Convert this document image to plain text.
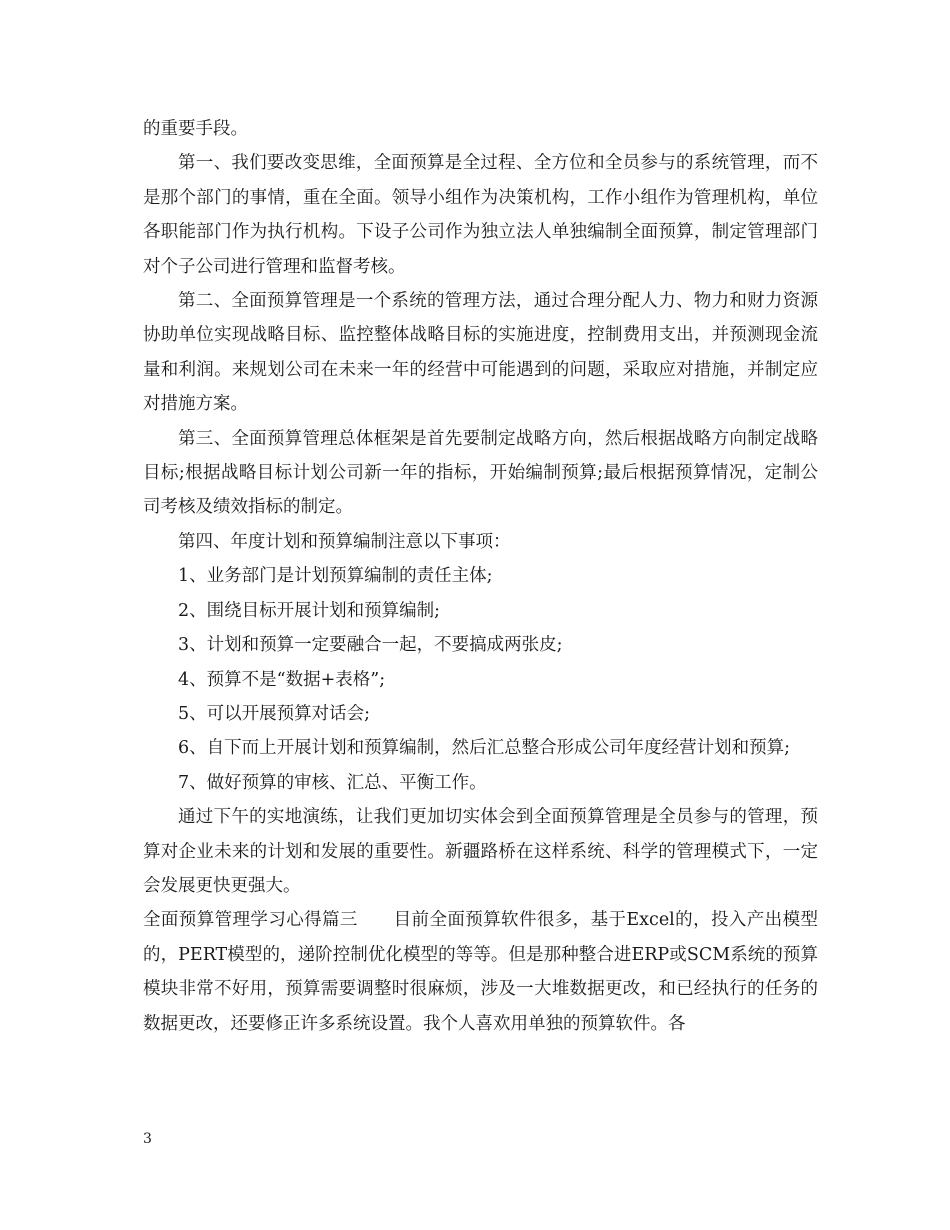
的重要手段。

第一、我们要改变思维，全面预算是全过程、全方位和全员参与的系统管理，而不是那个部门的事情，重在全面。领导小组作为决策机构，工作小组作为管理机构，单位各职能部门作为执行机构。下设子公司作为独立法人单独编制全面预算，制定管理部门对个子公司进行管理和监督考核。

第二、全面预算管理是一个系统的管理方法，通过合理分配人力、物力和财力资源协助单位实现战略目标、监控整体战略目标的实施进度，控制费用支出，并预测现金流量和利润。来规划公司在未来一年的经营中可能遇到的问题，采取应对措施，并制定应对措施方案。

第三、全面预算管理总体框架是首先要制定战略方向，然后根据战略方向制定战略目标;根据战略目标计划公司新一年的指标，开始编制预算;最后根据预算情况，定制公司考核及绩效指标的制定。

第四、年度计划和预算编制注意以下事项：

1、业务部门是计划预算编制的责任主体;

2、围绕目标开展计划和预算编制;

3、计划和预算一定要融合一起，不要搞成两张皮;

4、预算不是“数据+表格”;

5、可以开展预算对话会;

6、自下而上开展计划和预算编制，然后汇总整合形成公司年度经营计划和预算;

7、做好预算的审核、汇总、平衡工作。

通过下午的实地演练，让我们更加切实体会到全面预算管理是全员参与的管理，预算对企业未来的计划和发展的重要性。新疆路桥在这样系统、科学的管理模式下，一定会发展更快更强大。

全面预算管理学习心得篇三　　目前全面预算软件很多，基于Excel的，投入产出模型的，PERT模型的，递阶控制优化模型的等等。但是那种整合进ERP或SCM系统的预算模块非常不好用，预算需要调整时很麻烦，涉及一大堆数据更改，和已经执行的任务的数据更改，还要修正许多系统设置。我个人喜欢用单独的预算软件。各

3
